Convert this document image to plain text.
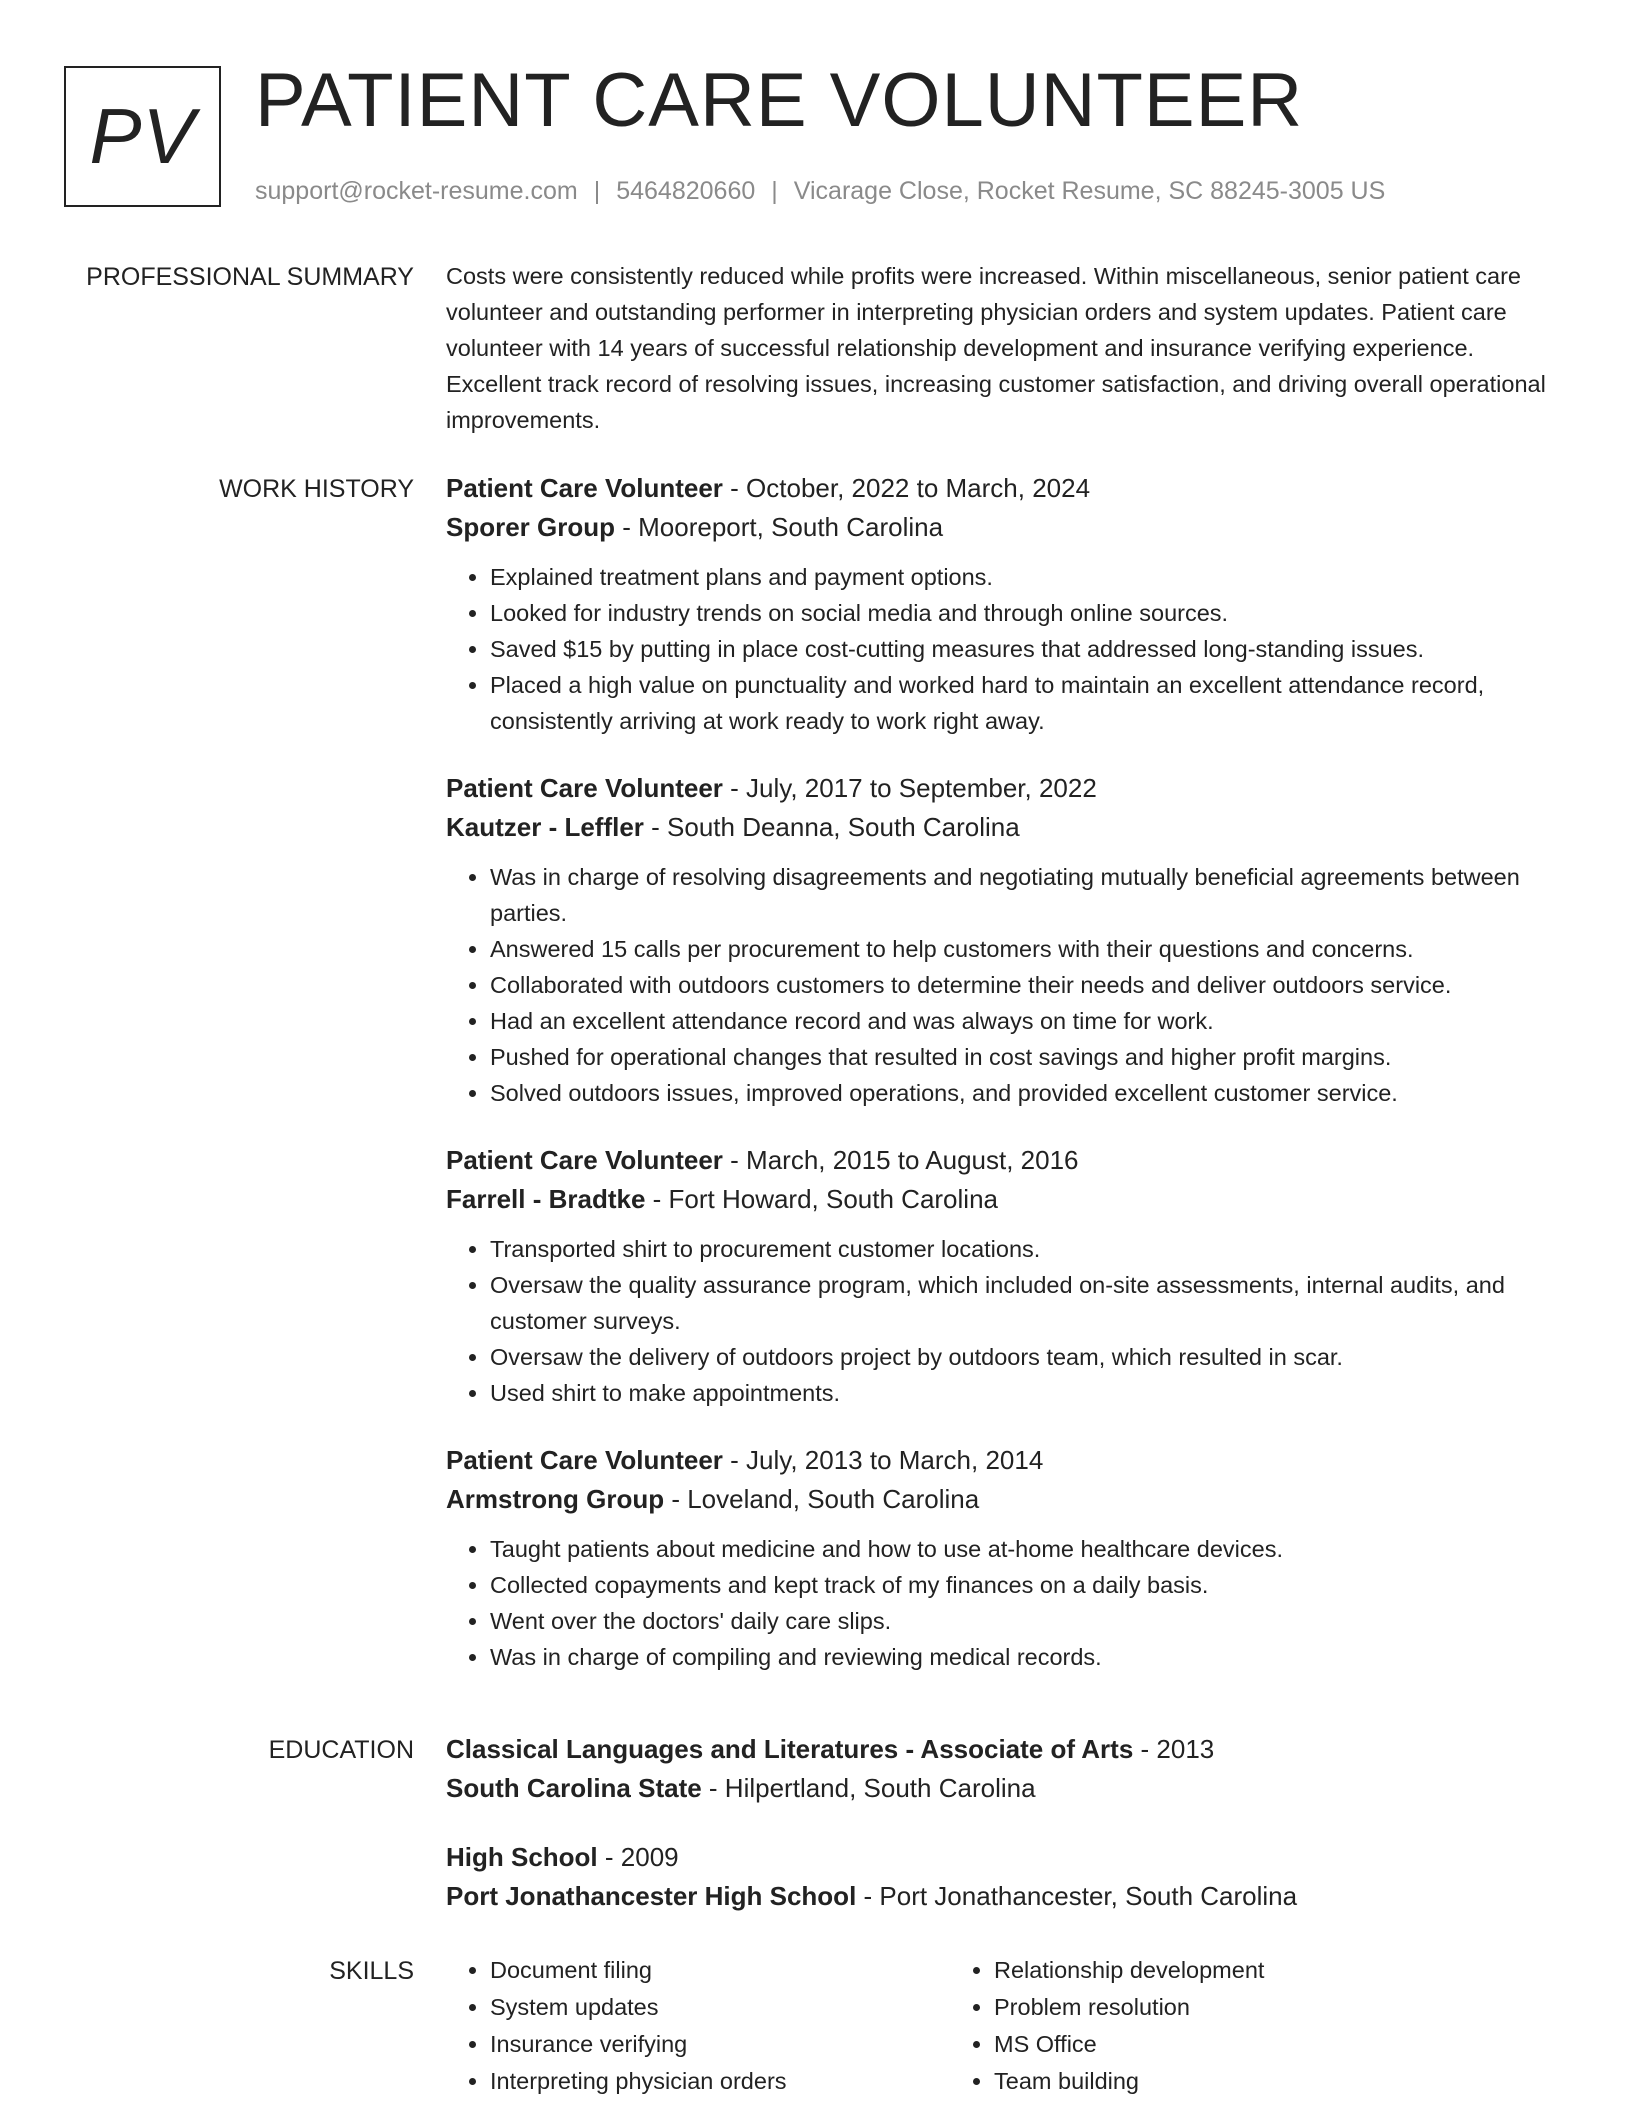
PV PATIENT CARE VOLUNTEER
support@rocket-resume.com | 5464820660 | Vicarage Close, Rocket Resume, SC 88245-3005 US
PROFESSIONAL SUMMARY Costs were consistently reduced while profits were increased. Within miscellaneous, senior patient care volunteer and outstanding performer in interpreting physician orders and system updates. Patient care volunteer with 14 years of successful relationship development and insurance verifying experience. Excellent track record of resolving issues, increasing customer satisfaction, and driving overall operational improvements.

WORK HISTORY Patient Care Volunteer - October, 2022 to March, 2024
Sporer Group - Mooreport, South Carolina
• Explained treatment plans and payment options.
• Looked for industry trends on social media and through online sources.
• Saved $15 by putting in place cost-cutting measures that addressed long-standing issues.
• Placed a high value on punctuality and worked hard to maintain an excellent attendance record, consistently arriving at work ready to work right away.
Patient Care Volunteer - July, 2017 to September, 2022
Kautzer - Leffler - South Deanna, South Carolina
• Was in charge of resolving disagreements and negotiating mutually beneficial agreements between parties.
• Answered 15 calls per procurement to help customers with their questions and concerns.
• Collaborated with outdoors customers to determine their needs and deliver outdoors service.
• Had an excellent attendance record and was always on time for work.
• Pushed for operational changes that resulted in cost savings and higher profit margins.
• Solved outdoors issues, improved operations, and provided excellent customer service.
Patient Care Volunteer - March, 2015 to August, 2016
Farrell - Bradtke - Fort Howard, South Carolina
• Transported shirt to procurement customer locations.
• Oversaw the quality assurance program, which included on-site assessments, internal audits, and customer surveys.
• Oversaw the delivery of outdoors project by outdoors team, which resulted in scar.
• Used shirt to make appointments.
Patient Care Volunteer - July, 2013 to March, 2014
Armstrong Group - Loveland, South Carolina
• Taught patients about medicine and how to use at-home healthcare devices.
• Collected copayments and kept track of my finances on a daily basis.
• Went over the doctors' daily care slips.
• Was in charge of compiling and reviewing medical records.
EDUCATION Classical Languages and Literatures - Associate of Arts - 2013
South Carolina State - Hilpertland, South Carolina
High School - 2009
Port Jonathancester High School - Port Jonathancester, South Carolina
SKILLS
•	Document filing
• System updates
• Insurance verifying
• Interpreting physician orders
• Relationship development
• Problem resolution
• MS Office
• Team building
